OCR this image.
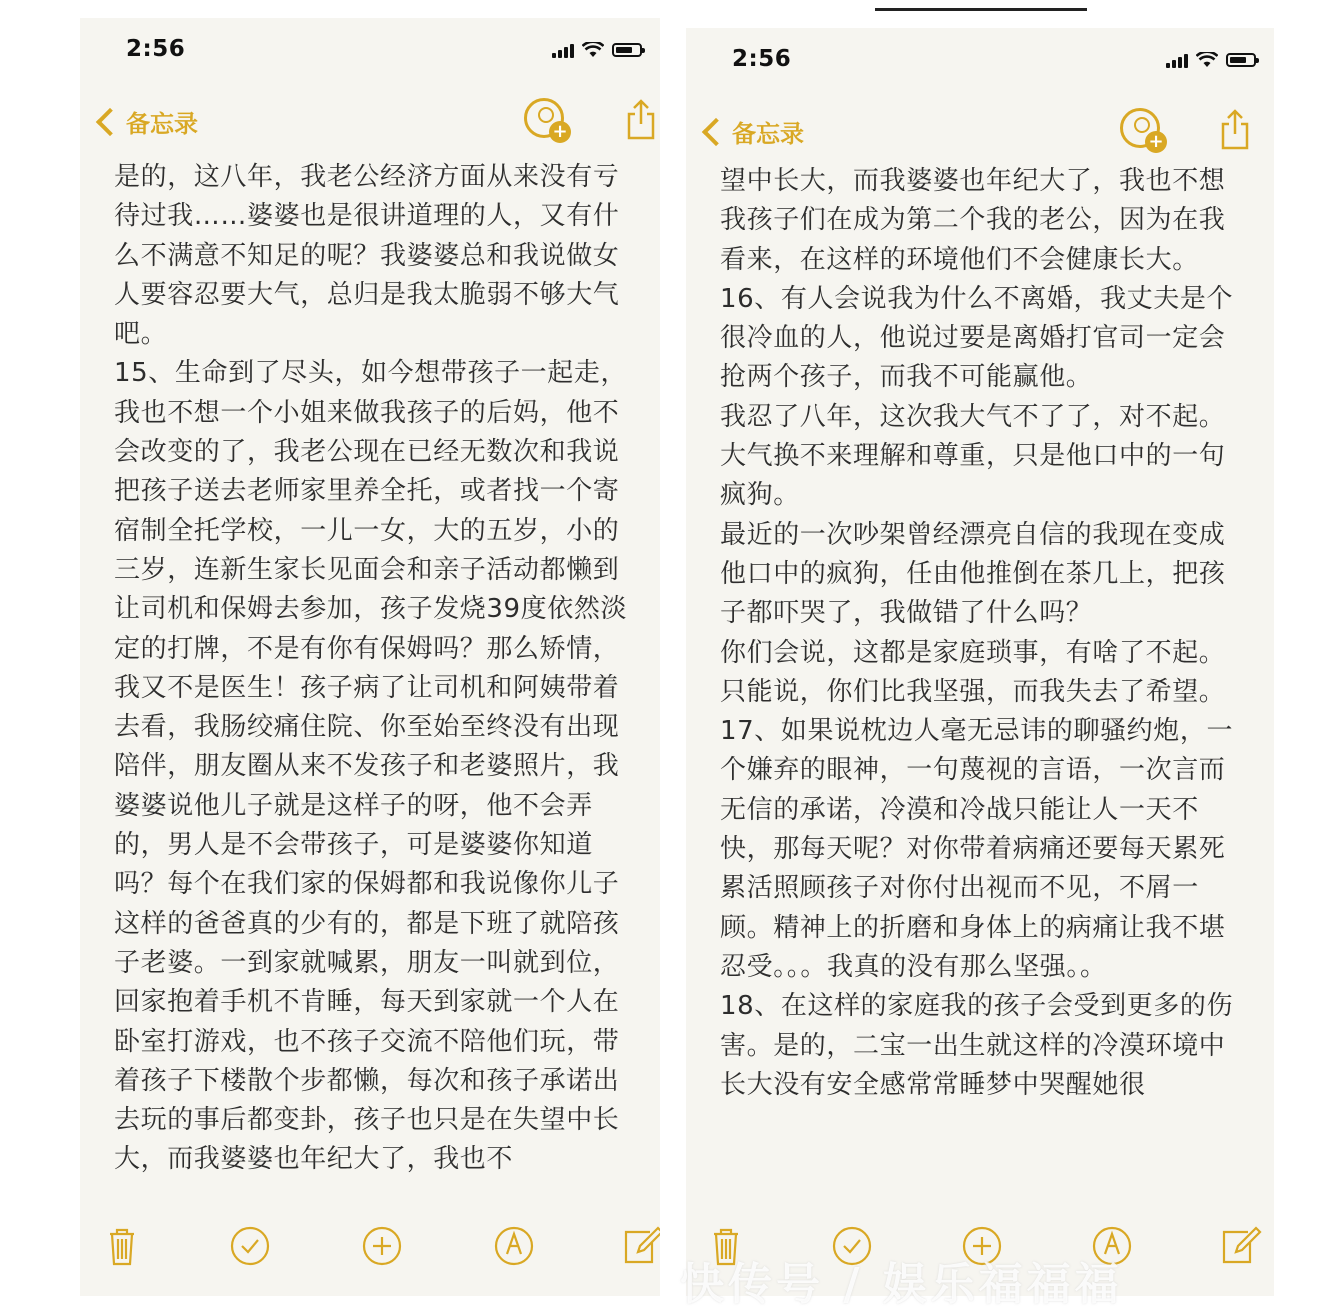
2:56
备忘录	+

是的，这八年，我老公经济方面从来没有亏待过我……婆婆也是很讲道理的人，又有什么不满意不知足的呢？我婆婆总和我说做女人要容忍要大气，总归是我太脆弱不够大气吧。

15、生命到了尽头，如今想带孩子一起走，我也不想一个小姐来做我孩子的后妈，他不会改变的了，我老公现在已经无数次和我说把孩子送去老师家里养全托，或者找一个寄宿制全托学校，一儿一女，大的五岁，小的三岁，连新生家长见面会和亲子活动都懒到让司机和保姆去参加，孩子发烧39度依然淡定的打牌，不是有你有保姆吗？那么矫情，我又不是医生！孩子病了让司机和阿姨带着去看，我肠绞痛住院、你至始至终没有出现陪伴，朋友圈从来不发孩子和老婆照片，我婆婆说他儿子就是这样子的呀，他不会弄的，男人是不会带孩子，可是婆婆你知道吗？每个在我们家的保姆都和我说像你儿子这样的爸爸真的少有的，都是下班了就陪孩子老婆。一到家就喊累，朋友一叫就到位，回家抱着手机不肯睡，每天到家就一个人在卧室打游戏，也不孩子交流不陪他们玩，带着孩子下楼散个步都懒，每次和孩子承诺出去玩的事后都变卦，孩子也只是在失望中长大，而我婆婆也年纪大了，我也不

2:56
备忘录	+

望中长大，而我婆婆也年纪大了，我也不想我孩子们在成为第二个我的老公，因为在我看来，在这样的环境他们不会健康长大。

16、有人会说我为什么不离婚，我丈夫是个很冷血的人，他说过要是离婚打官司一定会抢两个孩子，而我不可能赢他。

我忍了八年，这次我大气不了了，对不起。大气换不来理解和尊重，只是他口中的一句疯狗。

最近的一次吵架曾经漂亮自信的我现在变成他口中的疯狗，任由他推倒在茶几上，把孩子都吓哭了，我做错了什么吗？

你们会说，这都是家庭琐事，有啥了不起。只能说，你们比我坚强，而我失去了希望。

17、如果说枕边人毫无忌讳的聊骚约炮，一个嫌弃的眼神，一句蔑视的言语，一次言而无信的承诺，冷漠和冷战只能让人一天不快，那每天呢？对你带着病痛还要每天累死累活照顾孩子对你付出视而不见，不屑一顾。精神上的折磨和身体上的病痛让我不堪忍受。。。我真的没有那么坚强。。

18、在这样的家庭我的孩子会受到更多的伤害。是的，二宝一出生就这样的冷漠环境中长大没有安全感常常睡梦中哭醒她很

快传号 / 娱乐福福福
